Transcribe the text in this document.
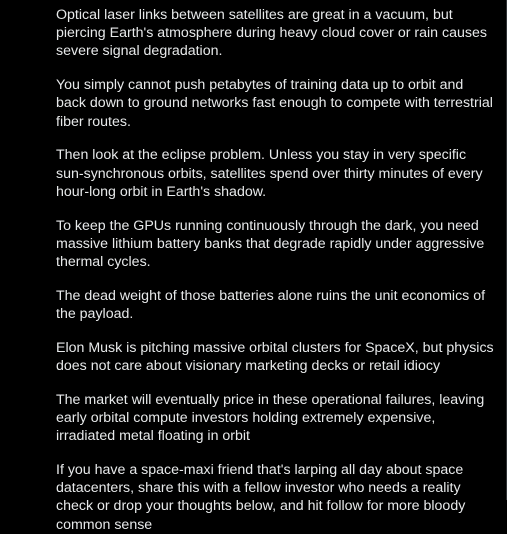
Optical laser links between satellites are great in a vacuum, but piercing Earth's atmosphere during heavy cloud cover or rain causes severe signal degradation.

You simply cannot push petabytes of training data up to orbit and back down to ground networks fast enough to compete with terrestrial fiber routes.

Then look at the eclipse problem. Unless you stay in very specific sun-synchronous orbits, satellites spend over thirty minutes of every hour-long orbit in Earth's shadow.

To keep the GPUs running continuously through the dark, you need massive lithium battery banks that degrade rapidly under aggressive thermal cycles.

The dead weight of those batteries alone ruins the unit economics of the payload.

Elon Musk is pitching massive orbital clusters for SpaceX, but physics does not care about visionary marketing decks or retail idiocy

The market will eventually price in these operational failures, leaving early orbital compute investors holding extremely expensive, irradiated metal floating in orbit

If you have a space-maxi friend that's larping all day about space datacenters, share this with a fellow investor who needs a reality check or drop your thoughts below, and hit follow for more bloody common sense
